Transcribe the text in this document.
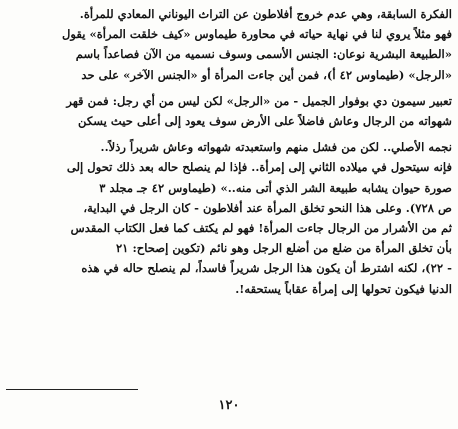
الفكرة السابقة، وهي عدم خروج أفلاطون عن التراث اليوناني المعادي للمرأة.
فهو مثلاً يروي لنا في نهاية حياته في محاورة طيماوس «كيف خلقت المرأة» يقول
«الطبيعة البشرية نوعان: الجنس الأسمى وسوف نسميه من الآن فصاعداً باسم
«الرجل» (طيماوس ٤٢ أ)، فمن أين جاءت المرأة أو «الجنس الآخر» على حد
تعبير سيمون دي بوفوار الجميل - من «الرجل» لكن ليس من أي رجل: فمن قهر
شهواته من الرجال وعاش فاضلاً على الأرض سوف يعود إلى أعلى حيث يسكن
نجمه الأصلي.. لكن من فشل منهم واستعبدته شهواته وعاش شريراً رذلاً..
فإنه سيتحول في ميلاده الثاني إلى إمرأة.. فإذا لم ينصلح حاله بعد ذلك تحول إلى
صورة حيوان يشابه طبيعة الشر الذي أتى منه..» (طيماوس ٤٢ جـ مجلد ٣
ص ٧٢٨). وعلى هذا النحو تخلق المرأة عند أفلاطون - كان الرجل في البداية،
ثم من الأشرار من الرجال جاءت المرأة! فهو لم يكتف كما فعل الكتاب المقدس
بأن تخلق المرأة من ضلع من أضلع الرجل وهو نائم (تكوين إصحاح: ٢١
- ٢٢)، لكنه اشترط أن يكون هذا الرجل شريراً فاسداً، لم ينصلح حاله في هذه
الدنيا فيكون تحولها إلى إمرأة عقاباً يستحقه!.
١٢٠
